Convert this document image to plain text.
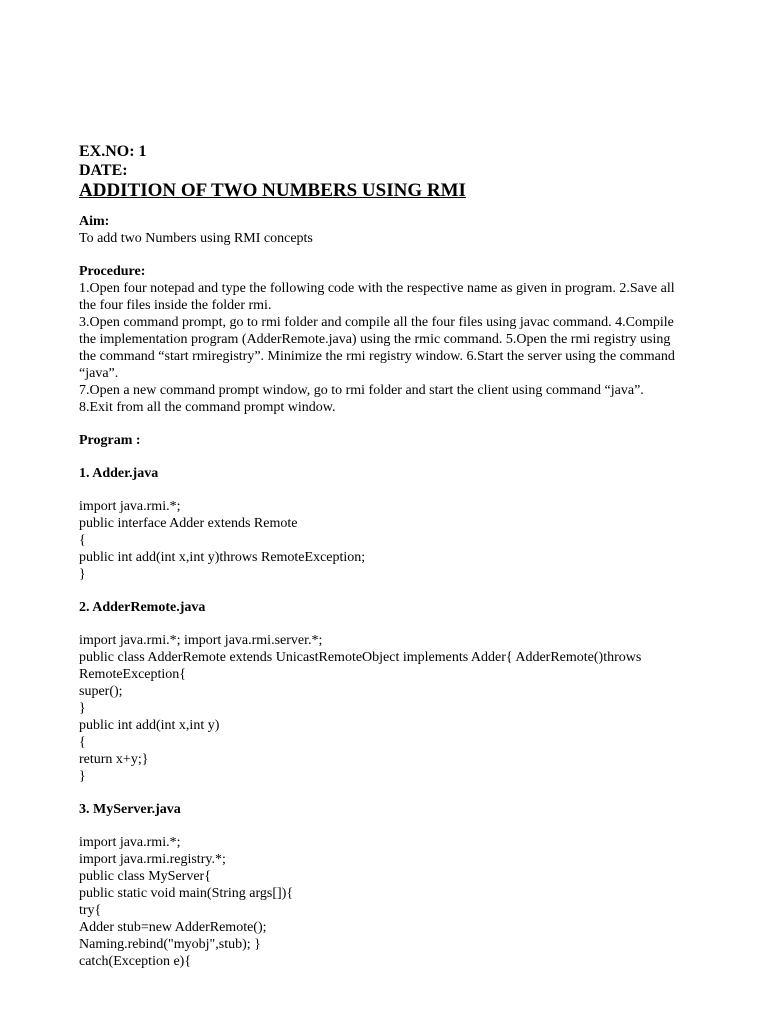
EX.NO: 1
DATE:
ADDITION OF TWO NUMBERS USING RMI
Aim:
To add two Numbers using RMI concepts
Procedure:
1.Open four notepad and type the following code with the respective name as given in program. 2.Save all
the four files inside the folder rmi.
3.Open command prompt, go to rmi folder and compile all the four files using javac command. 4.Compile
the implementation program (AdderRemote.java) using the rmic command. 5.Open the rmi registry using
the command “start rmiregistry”. Minimize the rmi registry window. 6.Start the server using the command
“java”.
7.Open a new command prompt window, go to rmi folder and start the client using command “java”.
8.Exit from all the command prompt window.
Program :
1. Adder.java
import java.rmi.*;
public interface Adder extends Remote
{
public int add(int x,int y)throws RemoteException;
}
2. AdderRemote.java
import java.rmi.*; import java.rmi.server.*;
public class AdderRemote extends UnicastRemoteObject implements Adder{ AdderRemote()throws
RemoteException{
super();
}
public int add(int x,int y)
{
return x+y;}
}
3. MyServer.java
import java.rmi.*;
import java.rmi.registry.*;
public class MyServer{
public static void main(String args[]){
try{
Adder stub=new AdderRemote();
Naming.rebind("myobj",stub); }
catch(Exception e){
